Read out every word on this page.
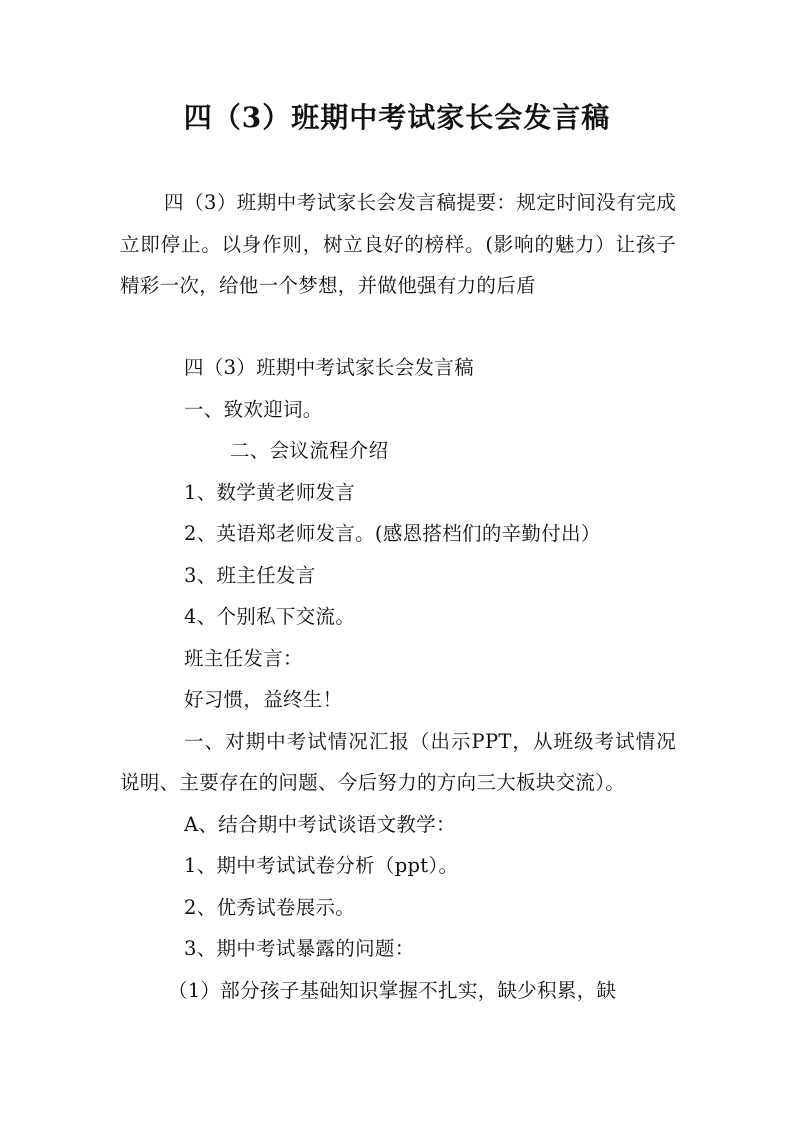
四（3）班期中考试家长会发言稿
四（3）班期中考试家长会发言稿提要：规定时间没有完成立即停止。以身作则，树立良好的榜样。(影响的魅力）让孩子精彩一次，给他一个梦想，并做他强有力的后盾

四（3）班期中考试家长会发言稿

一、致欢迎词。

二、会议流程介绍

1、数学黄老师发言

2、英语郑老师发言。(感恩搭档们的辛勤付出）

3、班主任发言

4、个别私下交流。

班主任发言：

好习惯，益终生！

一、对期中考试情况汇报（出示PPT，从班级考试情况说明、主要存在的问题、今后努力的方向三大板块交流）。

A、结合期中考试谈语文教学：

1、期中考试试卷分析（ppt）。

2、优秀试卷展示。

3、期中考试暴露的问题：

（1）部分孩子基础知识掌握不扎实，缺少积累，缺
